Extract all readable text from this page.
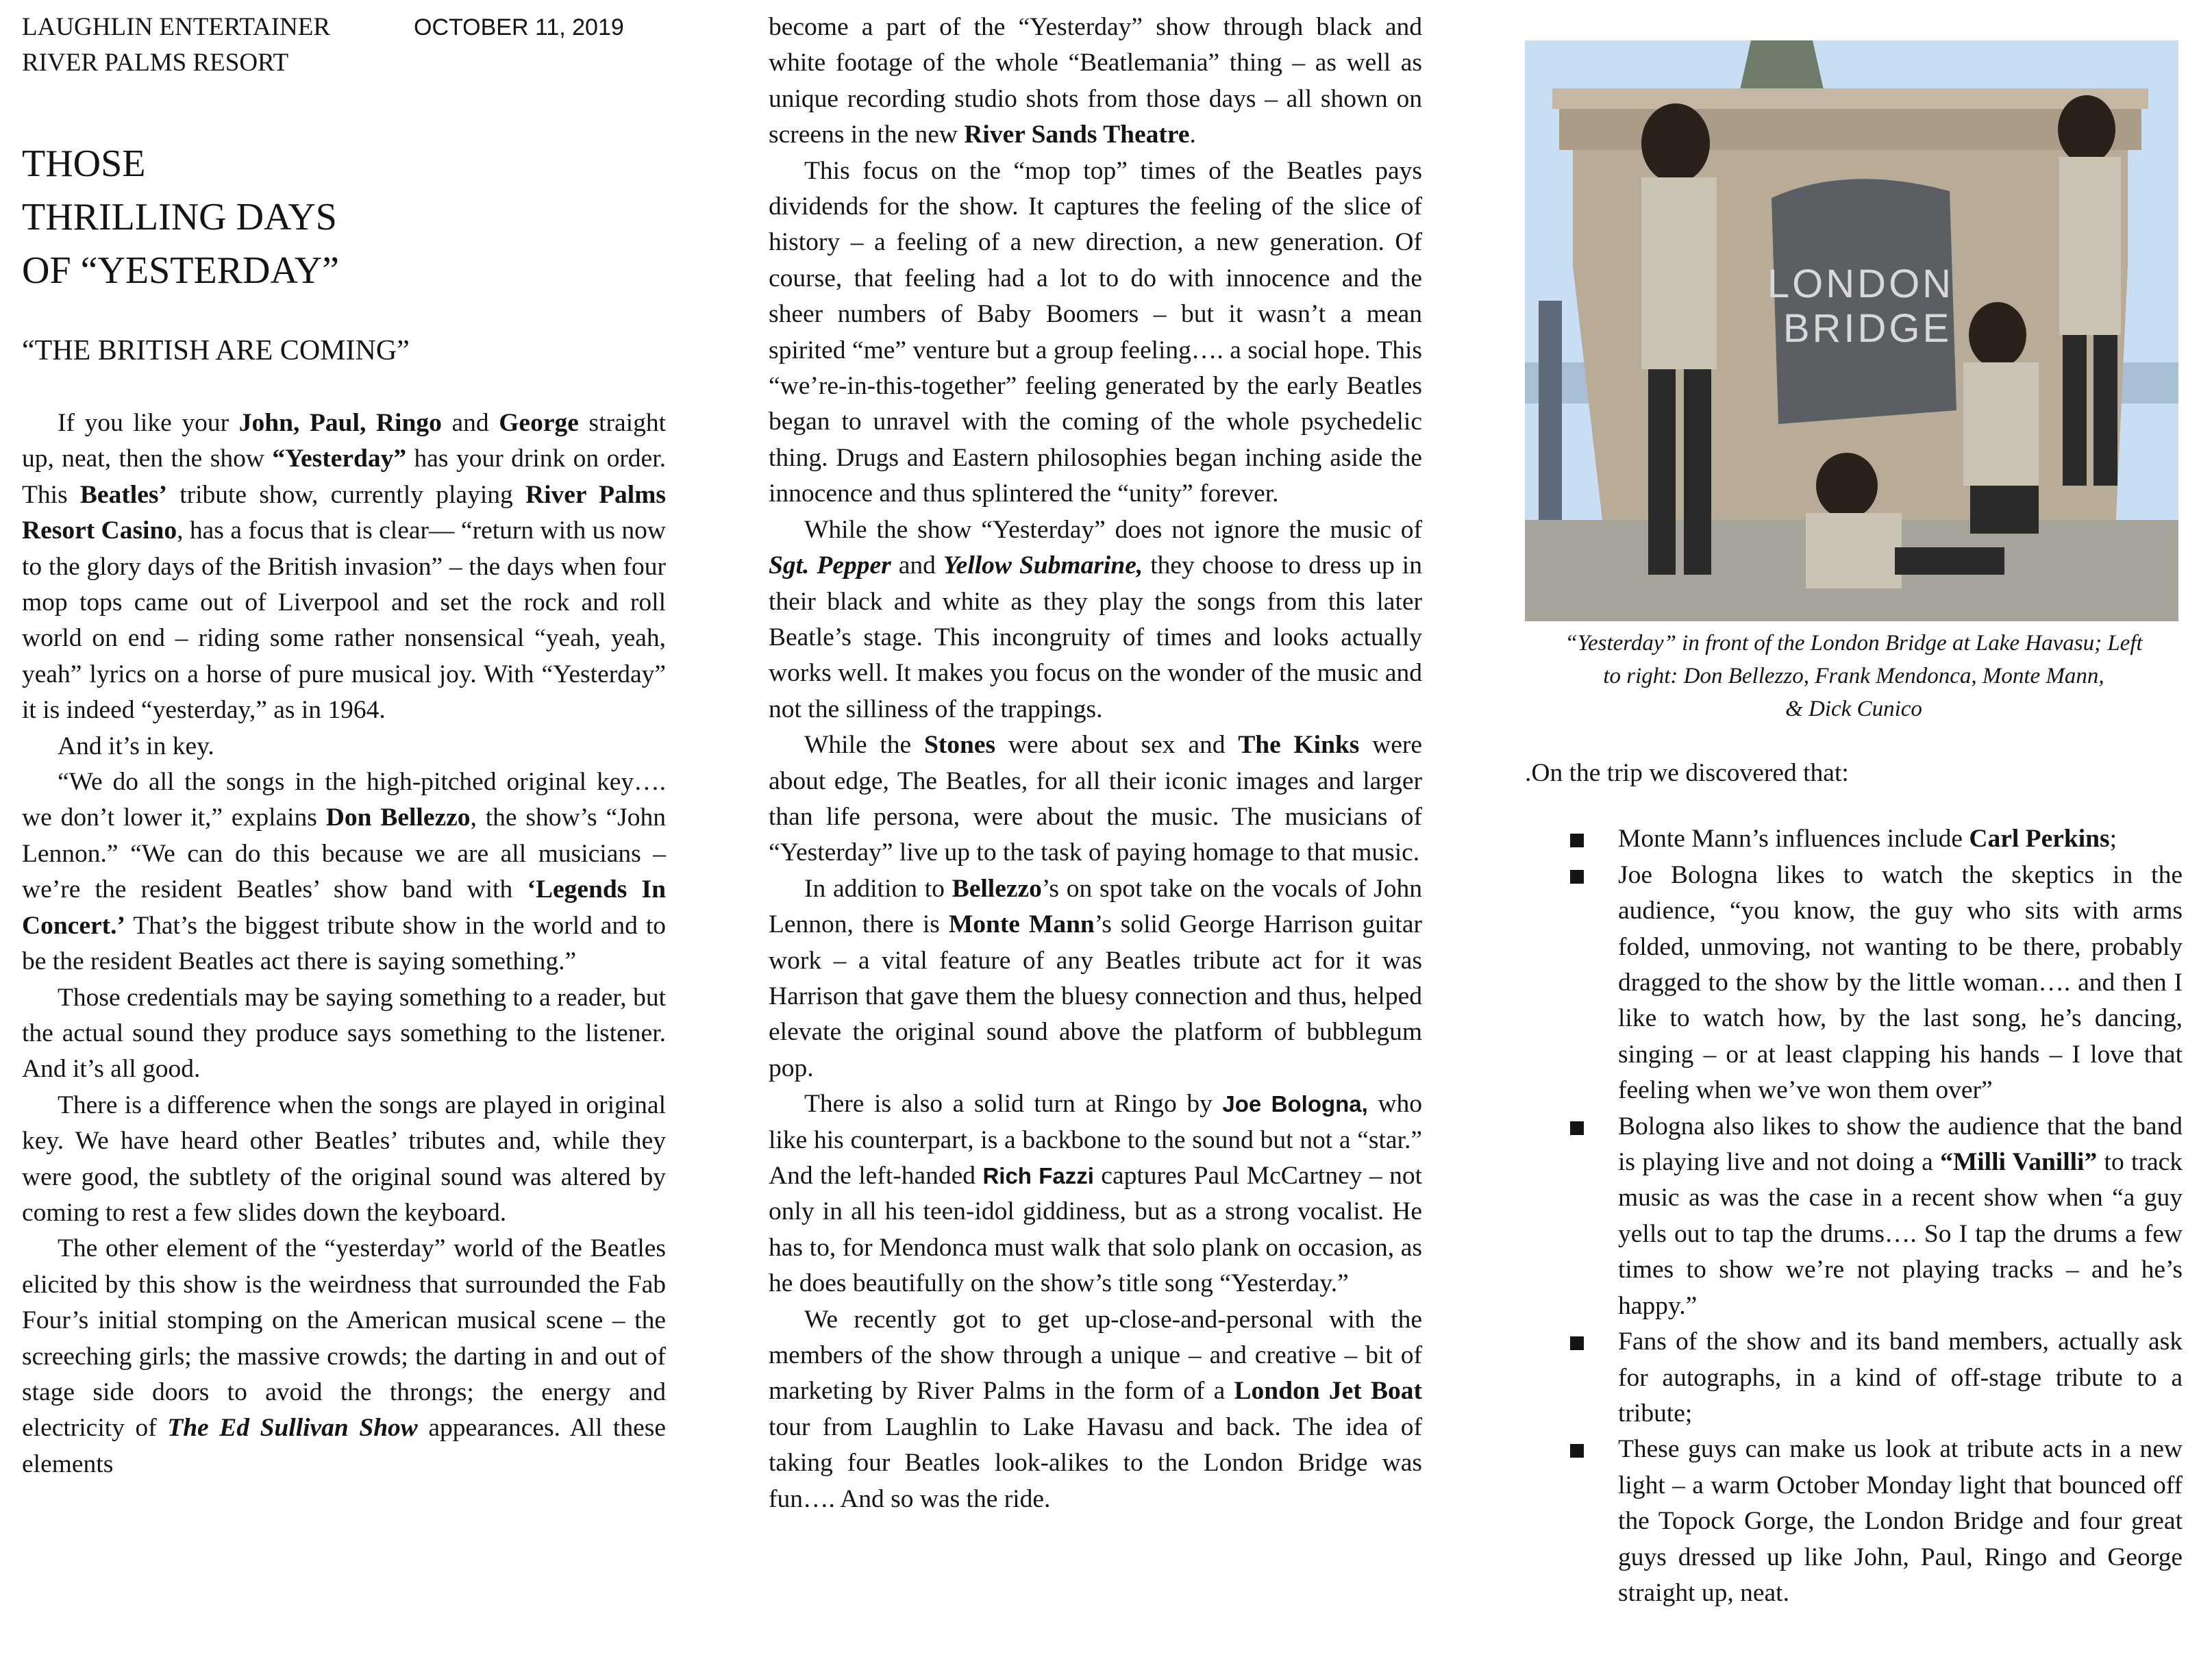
LAUGHLIN ENTERTAINER	OCTOBER 11, 2019
RIVER PALMS RESORT
THOSE
THRILLING DAYS
OF “YESTERDAY”
“THE BRITISH ARE COMING”

If you like your John, Paul, Ringo and George straight up, neat, then the show “Yesterday” has your drink on order. This Beatles’ tribute show, currently playing River Palms Resort Casino, has a focus that is clear— “return with us now to the glory days of the British invasion” – the days when four mop tops came out of Liverpool and set the rock and roll world on end – riding some rather nonsensical “yeah, yeah, yeah” lyrics on a horse of pure musical joy. With “Yesterday” it is indeed “yesterday,” as in 1964.

And it’s in key.

“We do all the songs in the high-pitched original key…. we don’t lower it,” explains Don Bellezzo, the show’s “John Lennon.” “We can do this because we are all musicians – we’re the resident Beatles’ show band with ‘Legends In Concert.’ That’s the biggest tribute show in the world and to be the resident Beatles act there is saying something.”

Those credentials may be saying something to a reader, but the actual sound they produce says something to the listener. And it’s all good.

There is a difference when the songs are played in original key. We have heard other Beatles’ tributes and, while they were good, the subtlety of the original sound was altered by coming to rest a few slides down the keyboard.

The other element of the “yesterday” world of the Beatles elicited by this show is the weirdness that surrounded the Fab Four’s initial stomping on the American musical scene – the screeching girls; the massive crowds; the darting in and out of stage side doors to avoid the throngs; the energy and electricity of The Ed Sullivan Show appearances. All these elements

become a part of the “Yesterday” show through black and white footage of the whole “Beatlemania” thing – as well as unique recording studio shots from those days – all shown on screens in the new River Sands Theatre.

This focus on the “mop top” times of the Beatles pays dividends for the show. It captures the feeling of the slice of history – a feeling of a new direction, a new generation. Of course, that feeling had a lot to do with innocence and the sheer numbers of Baby Boomers – but it wasn’t a mean spirited “me” venture but a group feeling…. a social hope. This “we’re-in-this-together” feeling generated by the early Beatles began to unravel with the coming of the whole psychedelic thing. Drugs and Eastern philosophies began inching aside the innocence and thus splintered the “unity” forever.

While the show “Yesterday” does not ignore the music of Sgt. Pepper and Yellow Submarine, they choose to dress up in their black and white as they play the songs from this later Beatle’s stage. This incongruity of times and looks actually works well. It makes you focus on the wonder of the music and not the silliness of the trappings.

While the Stones were about sex and The Kinks were about edge, The Beatles, for all their iconic images and larger than life persona, were about the music. The musicians of “Yesterday” live up to the task of paying homage to that music.

In addition to Bellezzo’s on spot take on the vocals of John Lennon, there is Monte Mann’s solid George Harrison guitar work – a vital feature of any Beatles tribute act for it was Harrison that gave them the bluesy connection and thus, helped elevate the original sound above the platform of bubblegum pop.

There is also a solid turn at Ringo by Joe Bologna, who like his counterpart, is a backbone to the sound but not a “star.” And the left-handed Rich Fazzi captures Paul McCartney – not only in all his teen-idol giddiness, but as a strong vocalist. He has to, for Mendonca must walk that solo plank on occasion, as he does beautifully on the show’s title song “Yesterday.”

We recently got to get up-close-and-personal with the members of the show through a unique – and creative – bit of marketing by River Palms in the form of a London Jet Boat tour from Laughlin to Lake Havasu and back. The idea of taking four Beatles look-alikes to the London Bridge was fun…. And so was the ride.

LONDON
BRIDGE
“Yesterday” in front of the London Bridge at Lake Havasu; Left
to right: Don Bellezzo, Frank Mendonca, Monte Mann,
& Dick Cunico

.On the trip we discovered that:

Monte Mann’s influences include Carl Perkins;
Joe Bologna likes to watch the skeptics in the audience, “you know, the guy who sits with arms folded, unmoving, not wanting to be there, probably dragged to the show by the little woman…. and then I like to watch how, by the last song, he’s dancing, singing – or at least clapping his hands – I love that feeling when we’ve won them over”
Bologna also likes to show the audience that the band is playing live and not doing a “Milli Vanilli” to track music as was the case in a recent show when “a guy yells out to tap the drums…. So I tap the drums a few times to show we’re not playing tracks – and he’s happy.”
Fans of the show and its band members, actually ask for autographs, in a kind of off-stage tribute to a tribute;
These guys can make us look at tribute acts in a new light – a warm October Monday light that bounced off the Topock Gorge, the London Bridge and four great guys dressed up like John, Paul, Ringo and George straight up, neat.
